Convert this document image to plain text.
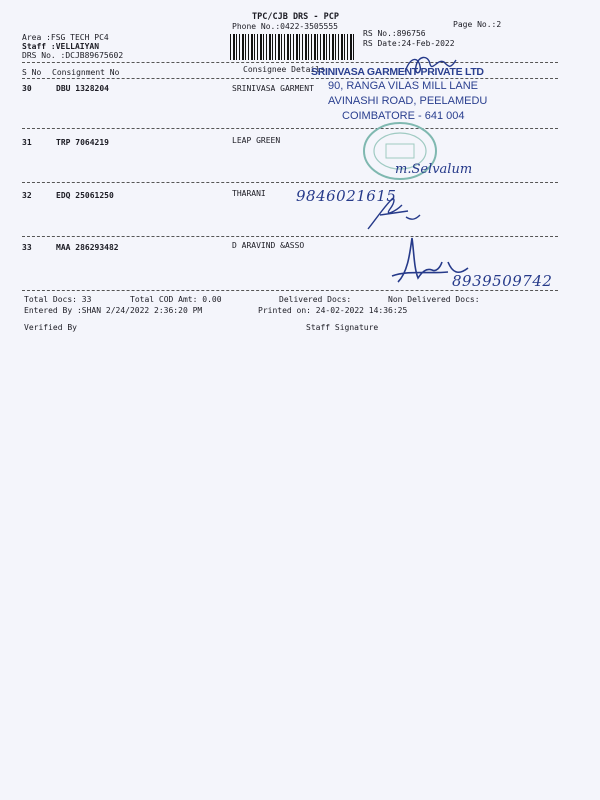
TPC/CJB DRS - PCP
Phone No.:0422-3505555	Page No.:2
Area :FSG TECH PC4
Staff :VELLAIYAN
DRS No. :DCJB89675602
RS No.:896756
RS Date:24-Feb-2022
S No Consignment No	Consignee Details
30	DBU 1328204	SRINIVASA GARMENT
31	TRP 7064219	LEAP GREEN
32	EDQ 25061250	THARANI
33	MAA 286293482	D ARAVIND &ASSO
Total Docs: 33	Total COD Amt: 0.00	Delivered Docs:	Non Delivered Docs:
Entered By :SHAN 2/24/2022 2:36:20 PM	Printed on: 24-02-2022 14:36:25
Verified By	Staff Signature
SRINIVASA GARMENT PRIVATE LTD
90, RANGA VILAS MILL LANE
AVINASHI ROAD, PEELAMEDU
COIMBATORE - 641 004
m.Selvalum
9846021615
8939509742
